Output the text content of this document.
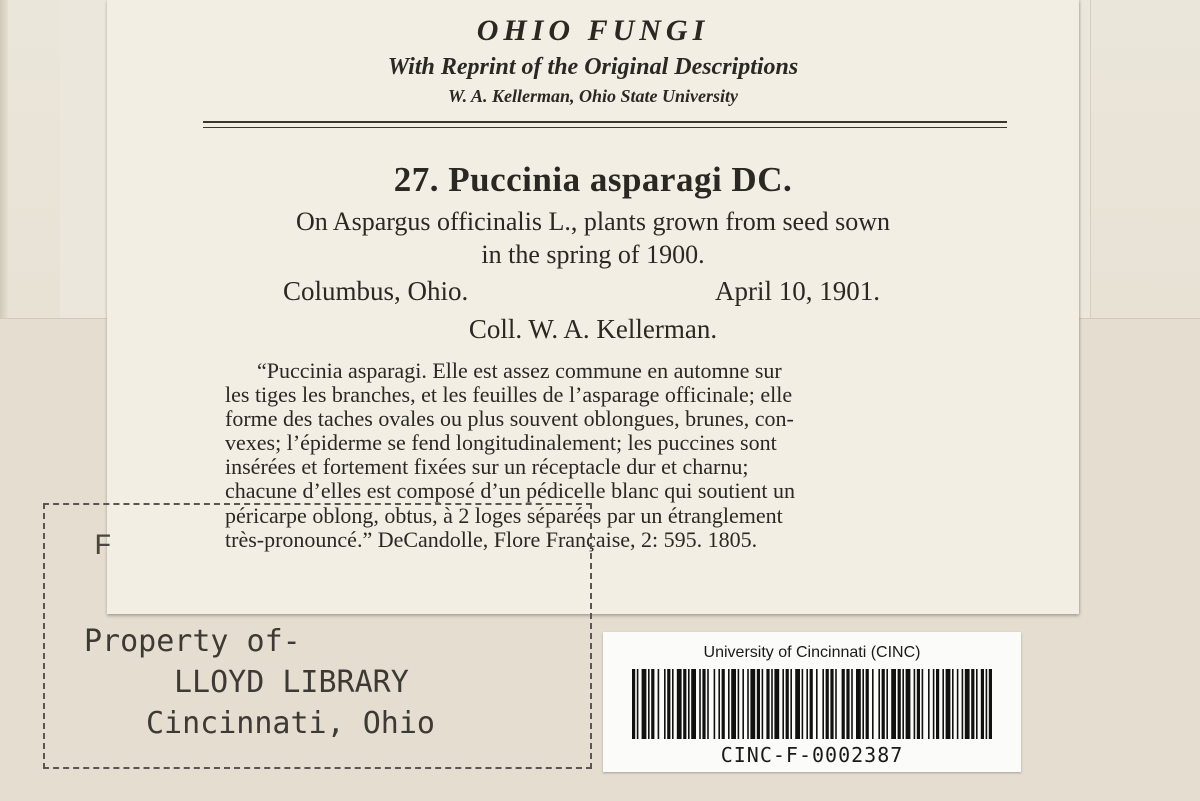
OHIO FUNGI
With Reprint of the Original Descriptions
W. A. Kellerman, Ohio State University
27. Puccinia asparagi DC.
On Aspargus officinalis L., plants grown from seed sown
in the spring of 1900.
Columbus, Ohio.	April 10, 1901.
Coll. W. A. Kellerman.
“Puccinia asparagi. Elle est assez commune en automne sur
les tiges les branches, et les feuilles de l’asparage officinale; elle
forme des taches ovales ou plus souvent oblongues, brunes, con-
vexes; l’épiderme se fend longitudinalement; les puccines sont
insérées et fortement fixées sur un réceptacle dur et charnu;
chacune d’elles est composé d’un pédicelle blanc qui soutient un
péricarpe oblong, obtus, à 2 loges séparées par un étranglement
très-pronouncé.” DeCandolle, Flore Française, 2: 595. 1805.
F
Property of-
LLOYD LIBRARY
Cincinnati, Ohio
University of Cincinnati (CINC)
CINC-F-0002387
